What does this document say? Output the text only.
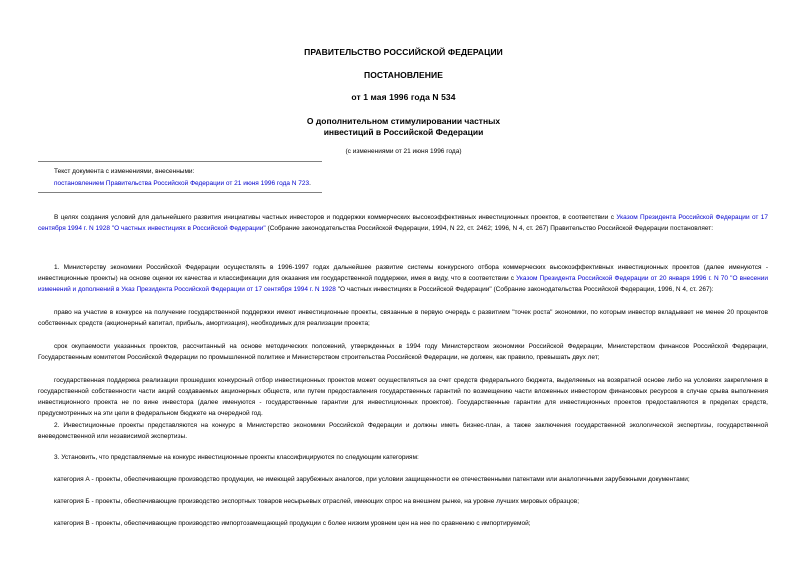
ПРАВИТЕЛЬСТВО РОССИЙСКОЙ ФЕДЕРАЦИИ
ПОСТАНОВЛЕНИЕ
от 1 мая 1996 года N 534
О дополнительном стимулировании частных
инвестиций в Российской Федерации
(с изменениями от 21 июня 1996 года)
Текст документа с изменениями, внесенными:
постановлением Правительства Российской Федерации от 21 июня 1996 года N 723.

В целях создания условий для дальнейшего развития инициативы частных инвесторов и поддержки коммерческих высокоэффективных инвестиционных проектов, в соответствии с Указом Президента Российской Федерации от 17 сентября 1994 г. N 1928 "О частных инвестициях в Российской Федерации" (Собрание законодательства Российской Федерации, 1994, N 22, ст. 2462; 1996, N 4, ст. 267) Правительство Российской Федерации постановляет:

1. Министерству экономики Российской Федерации осуществлять в 1996-1997 годах дальнейшее развитие системы конкурсного отбора коммерческих высокоэффективных инвестиционных проектов (далее именуются - инвестиционные проекты) на основе оценки их качества и классификации для оказания им государственной поддержки, имея в виду, что в соответствии с Указом Президента Российской Федерации от 20 января 1996 г. N 70 "О внесении изменений и дополнений в Указ Президента Российской Федерации от 17 сентября 1994 г. N 1928 "О частных инвестициях в Российской Федерации" (Собрание законодательства Российской Федерации, 1996, N 4, ст. 267):

право на участие в конкурсе на получение государственной поддержки имеют инвестиционные проекты, связанные в первую очередь с развитием "точек роста" экономики, по которым инвестор вкладывает не менее 20 процентов собственных средств (акционерный капитал, прибыль, амортизация), необходимых для реализации проекта;

срок окупаемости указанных проектов, рассчитанный на основе методических положений, утвержденных в 1994 году Министерством экономики Российской Федерации, Министерством финансов Российской Федерации, Государственным комитетом Российской Федерации по промышленной политике и Министерством строительства Российской Федерации, не должен, как правило, превышать двух лет;

государственная поддержка реализации прошедших конкурсный отбор инвестиционных проектов может осуществляться за счет средств федерального бюджета, выделяемых на возвратной основе либо на условиях закрепления в государственной собственности части акций создаваемых акционерных обществ, или путем предоставления государственных гарантий по возмещению части вложенных инвестором финансовых ресурсов в случае срыва выполнения инвестиционного проекта не по вине инвестора (далее именуются - государственные гарантии для инвестиционных проектов). Государственные гарантии для инвестиционных проектов предоставляются в пределах средств, предусмотренных на эти цели в федеральном бюджете на очередной год.

2. Инвестиционные проекты представляются на конкурс в Министерство экономики Российской Федерации и должны иметь бизнес-план, а также заключения государственной экологической экспертизы, государственной вневедомственной или независимой экспертизы.

3. Установить, что представляемые на конкурс инвестиционные проекты классифицируются по следующим категориям:

категория А - проекты, обеспечивающие производство продукции, не имеющей зарубежных аналогов, при условии защищенности ее отечественными патентами или аналогичными зарубежными документами;

категория Б - проекты, обеспечивающие производство экспортных товаров несырьевых отраслей, имеющих спрос на внешнем рынке, на уровне лучших мировых образцов;

категория В - проекты, обеспечивающие производство импортозамещающей продукции с более низким уровнем цен на нее по сравнению с импортируемой;
